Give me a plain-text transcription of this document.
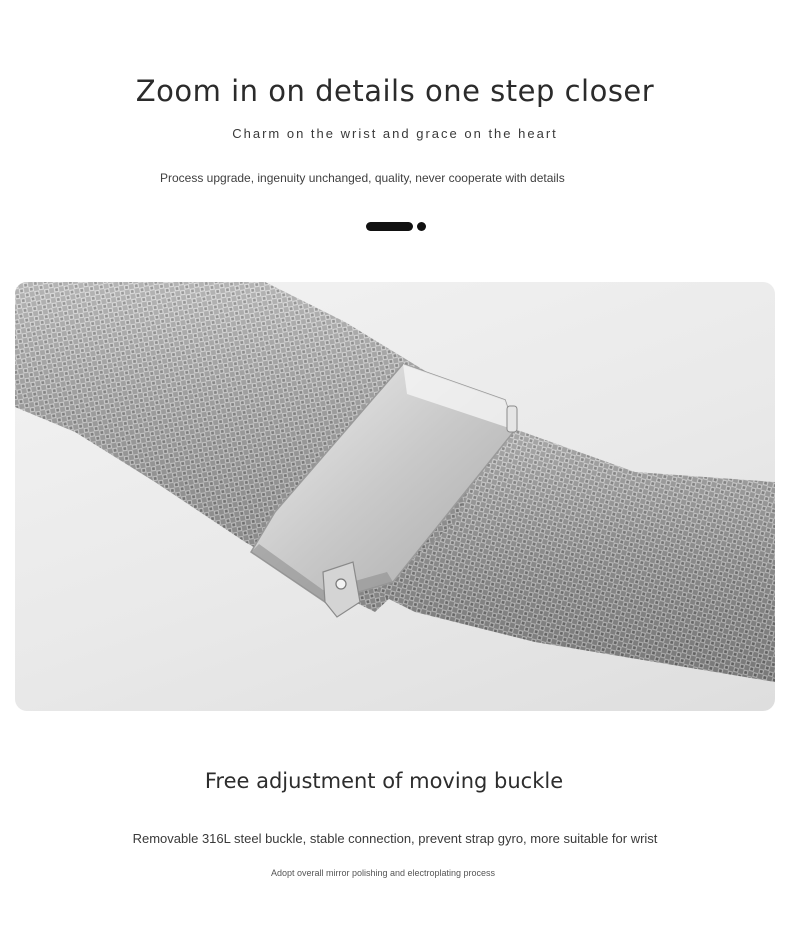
Zoom in on details one step closer
Charm on the wrist and grace on the heart
Process upgrade, ingenuity unchanged, quality, never cooperate with details
Free adjustment of moving buckle
Removable 316L steel buckle, stable connection, prevent strap gyro, more suitable for wrist
Adopt overall mirror polishing and electroplating process
